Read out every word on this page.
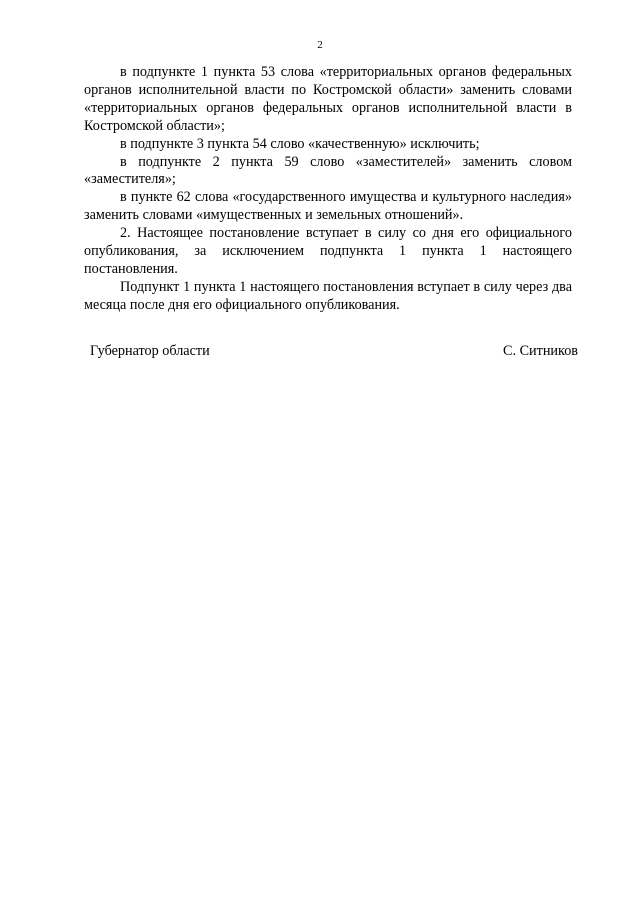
2

в подпункте 1 пункта 53 слова «территориальных органов федеральных органов исполнительной власти по Костромской области» заменить словами «территориальных органов федеральных органов исполнительной власти в Костромской области»;

в подпункте 3 пункта 54 слово «качественную» исключить;

в подпункте 2 пункта 59 слово «заместителей» заменить словом «заместителя»;

в пункте 62 слова «государственного имущества и культурного наследия» заменить словами «имущественных и земельных отношений».

2. Настоящее постановление вступает в силу со дня его официального опубликования, за исключением подпункта 1 пункта 1 настоящего постановления.

Подпункт 1 пункта 1 настоящего постановления вступает в силу через два месяца после дня его официального опубликования.

Губернатор области	С. Ситников
